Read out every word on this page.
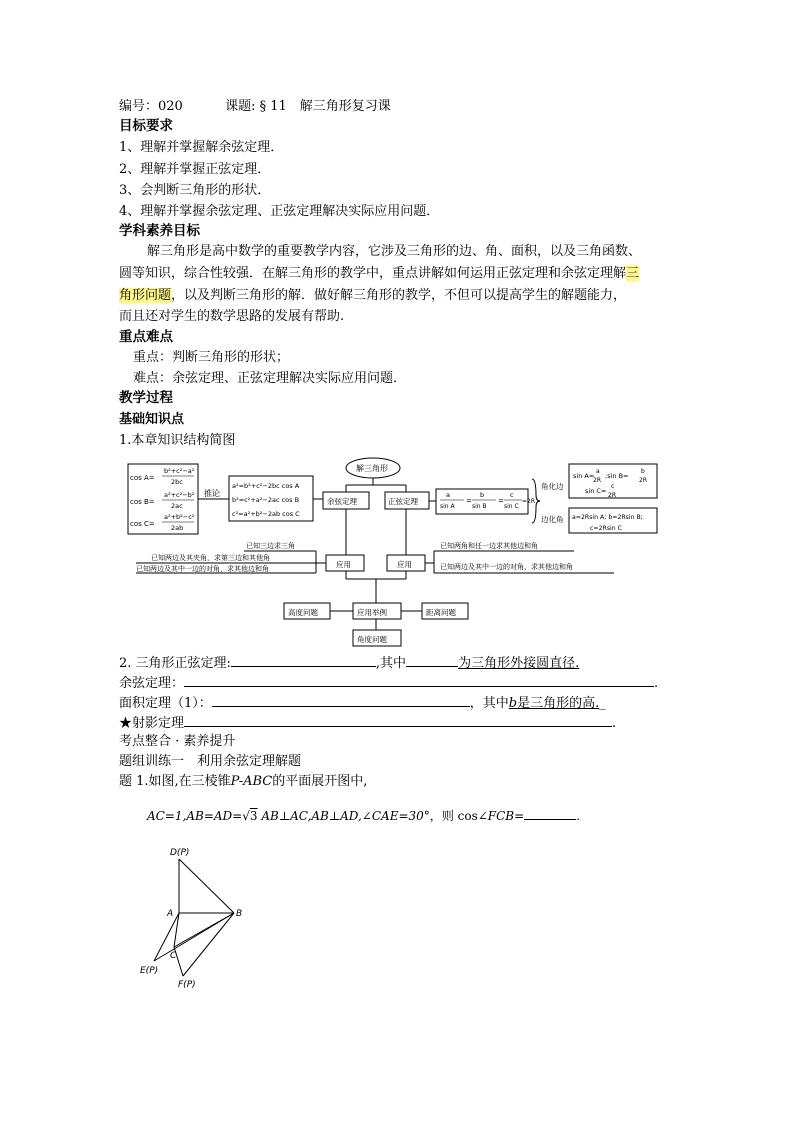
编号：020	课题: § 11　解三角形复习课
目标要求
1、理解并掌握解余弦定理．
2、理解并掌握正弦定理．
3、会判断三角形的形状．
4、理解并掌握余弦定理、正弦定理解决实际应用问题．
学科素养目标
解三角形是高中数学的重要教学内容，它涉及三角形的边、角、面积，以及三角函数、
圆等知识，综合性较强．在解三角形的教学中，重点讲解如何运用正弦定理和余弦定理解三
角形问题，以及判断三角形的解．做好解三角形的教学，不但可以提高学生的解题能力，
而且还对学生的数学思路的发展有帮助.
重点难点
重点：判断三角形的形状；
难点：余弦定理、正弦定理解决实际应用问题．
教学过程
基础知识点
1.本章知识结构简图
cos A=
b²+c²−a²
2bc
cos B=
a²+c²−b²
2ac
cos C=
a²+b²−c²
2ab
推论
a²=b²+c²−2bc cos A
b²=c²+a²−2ac cos B
c²=a²+b²−2ab cos C
解三角形
余弦定理	正弦定理
a
sin A
=
b
sin B
=
c
sin C
=2R
角化边
边化角
sin A=
a
2R
;sin B=
b
2R
sin C=
c
2R
a=2Rsin A; b=2Rsin B;
c=2Rsin C
应用	应用
已知三边求三角
已知两边及其夹角，求第三边和其他角
已知两边及其中一边的对角，求其他边和角
已知两角和任一边求其他边和角
已知两边及其中一边的对角，求其他边和角
应用举例
高度问题	距离问题
角度问题
2. 三角形正弦定理:	,其中	为三角形外接圆直径.
余弦定理：	.
面积定理（1）：	，其中b是三角形的高._
★射影定理	.
考点整合 · 素养提升
题组训练一　利用余弦定理解题
题 1.如图,在三棱锥P-ABC的平面展开图中,
AC=1,AB=AD=√3 AB⊥AC,AB⊥AD,∠CAE=30°，则 cos∠FCB=	.
D(P)
A	B
C
E(P)
F(P)
